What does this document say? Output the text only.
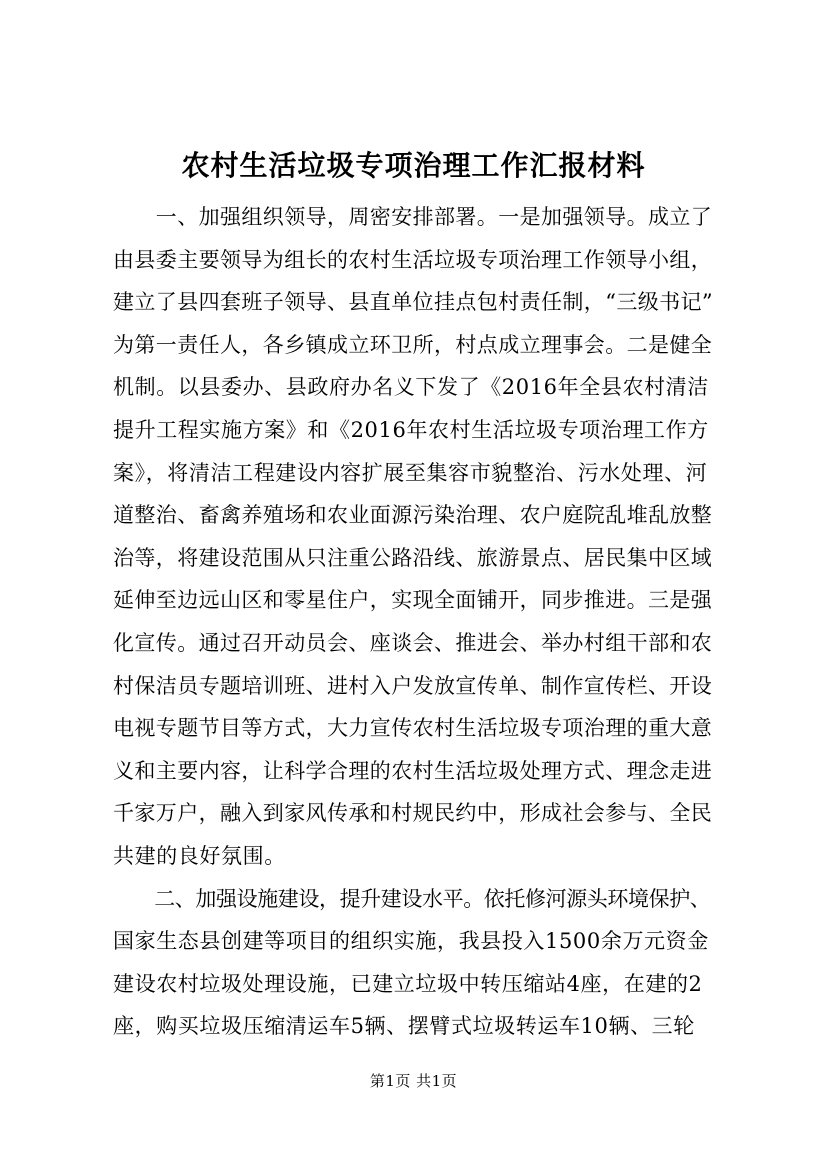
农村生活垃圾专项治理工作汇报材料
　　一、加强组织领导，周密安排部署。一是加强领导。成立了
由县委主要领导为组长的农村生活垃圾专项治理工作领导小组，
建立了县四套班子领导、县直单位挂点包村责任制，“三级书记”
为第一责任人，各乡镇成立环卫所，村点成立理事会。二是健全
机制。以县委办、县政府办名义下发了《2016年全县农村清洁
提升工程实施方案》和《2016年农村生活垃圾专项治理工作方
案》，将清洁工程建设内容扩展至集容市貌整治、污水处理、河
道整治、畜禽养殖场和农业面源污染治理、农户庭院乱堆乱放整
治等，将建设范围从只注重公路沿线、旅游景点、居民集中区域
延伸至边远山区和零星住户，实现全面铺开，同步推进。三是强
化宣传。通过召开动员会、座谈会、推进会、举办村组干部和农
村保洁员专题培训班、进村入户发放宣传单、制作宣传栏、开设
电视专题节目等方式，大力宣传农村生活垃圾专项治理的重大意
义和主要内容，让科学合理的农村生活垃圾处理方式、理念走进
千家万户，融入到家风传承和村规民约中，形成社会参与、全民
共建的良好氛围。
　　二、加强设施建设，提升建设水平。依托修河源头环境保护、
国家生态县创建等项目的组织实施，我县投入1500余万元资金
建设农村垃圾处理设施，已建立垃圾中转压缩站4座，在建的2
座，购买垃圾压缩清运车5辆、摆臂式垃圾转运车10辆、三轮
第1页 共1页
